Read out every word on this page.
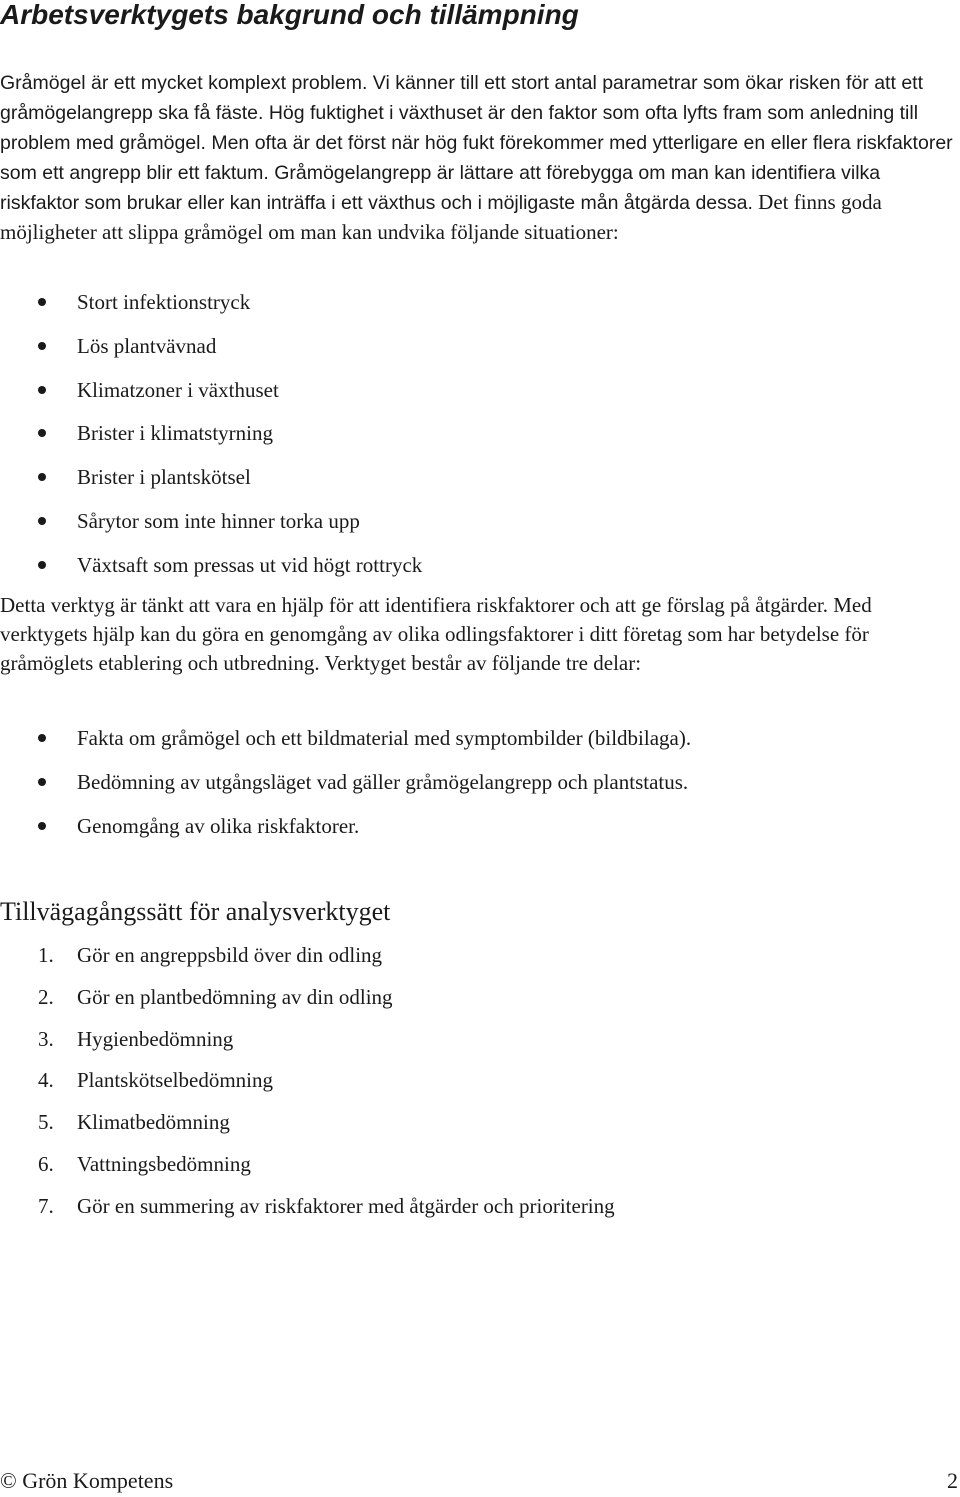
Arbetsverktygets bakgrund och tillämpning

Gråmögel är ett mycket komplext problem. Vi känner till ett stort antal parametrar som ökar risken för att ett gråmögelangrepp ska få fäste. Hög fuktighet i växthuset är den faktor som ofta lyfts fram som anledning till problem med gråmögel. Men ofta är det först när hög fukt förekommer med ytterligare en eller flera riskfaktorer som ett angrepp blir ett faktum. Gråmögelangrepp är lättare att förebygga om man kan identifiera vilka riskfaktor som brukar eller kan inträffa i ett växthus och i möjligaste mån åtgärda dessa. Det finns goda möjligheter att slippa gråmögel om man kan undvika följande situationer:

Stort infektionstryck
Lös plantvävnad
Klimatzoner i växthuset
Brister i klimatstyrning
Brister i plantskötsel
Sårytor som inte hinner torka upp
Växtsaft som pressas ut vid högt rottryck

Detta verktyg är tänkt att vara en hjälp för att identifiera riskfaktorer och att ge förslag på åtgärder. Med verktygets hjälp kan du göra en genomgång av olika odlingsfaktorer i ditt företag som har betydelse för gråmöglets etablering och utbredning. Verktyget består av följande tre delar:

Fakta om gråmögel och ett bildmaterial med symptombilder (bildbilaga).
Bedömning av utgångsläget vad gäller gråmögelangrepp och plantstatus.
Genomgång av olika riskfaktorer.
Tillvägagångssätt för analysverktyget
1. Gör en angreppsbild över din odling
2. Gör en plantbedömning av din odling
3. Hygienbedömning
4. Plantskötselbedömning
5. Klimatbedömning
6. Vattningsbedömning
7. Gör en summering av riskfaktorer med åtgärder och prioritering
© Grön Kompetens	2
